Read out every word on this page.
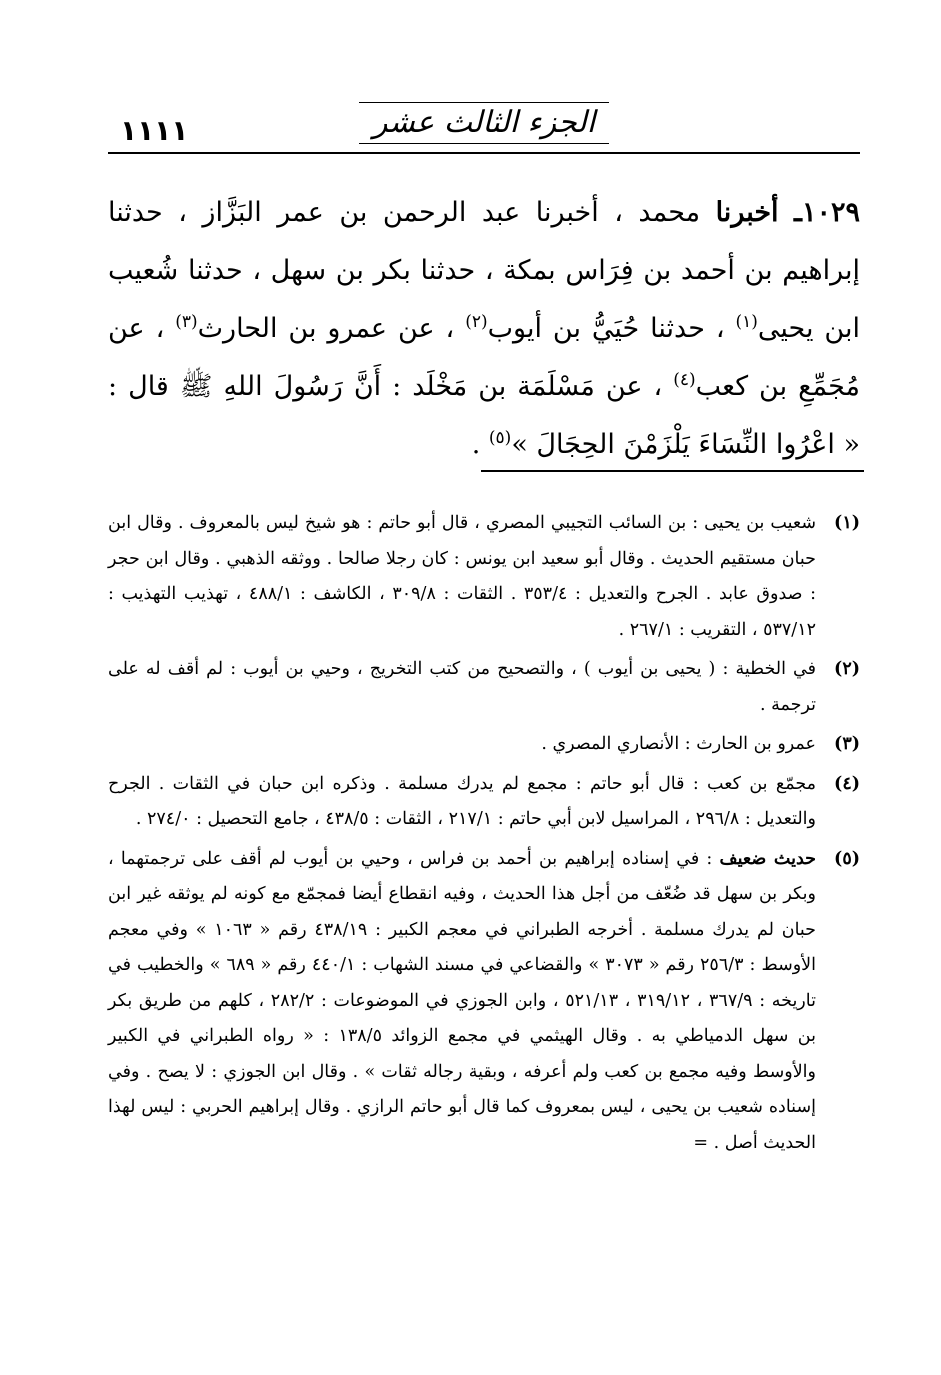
١١١١	الجزء الثالث عشر

١٠٢٩ـ أخبرنا محمد ، أخبرنا عبد الرحمن بن عمر البَزَّاز ، حدثنا إبراهيم بن أحمد بن فِرَاس بمكة ، حدثنا بكر بن سهل ، حدثنا شُعيب ابن يحيى$^{(١)}$ ، حدثنا حُيَيُّ بن أيوب$^{(٢)}$ ، عن عمرو بن الحارث$^{(٣)}$ ، عن مُجَمِّعِ بن كعب$^{(٤)}$ ، عن مَسْلَمَة بن مَخْلَد : أَنَّ رَسُولَ اللهِ ﷺ قال : « اعْرُوا النِّسَاءَ يَلْزَمْنَ الحِجَالَ »$^{(٥)}$ .

(١)
شعيب بن يحيى : بن السائب التجيبي المصري ، قال أبو حاتم : هو شيخ ليس بالمعروف . وقال ابن حبان مستقيم الحديث . وقال أبو سعيد ابن يونس : كان رجلا صالحا . ووثقه الذهبي . وقال ابن حجر : صدوق عابد . الجرح والتعديل : ٣٥٣/٤ . الثقات : ٣٠٩/٨ ، الكاشف : ٤٨٨/١ ، تهذيب التهذيب : ٥٣٧/١٢ ، التقريب : ٢٦٧/١ .
(٢)
في الخطية : ( يحيى بن أيوب ) ، والتصحيح من كتب التخريج ، وحيي بن أيوب : لم أقف له على ترجمة .
(٣)
عمرو بن الحارث : الأنصاري المصري .
(٤)
مجمّع بن كعب : قال أبو حاتم : مجمع لم يدرك مسلمة . وذكره ابن حبان في الثقات . الجرح والتعديل : ٢٩٦/٨ ، المراسيل لابن أبي حاتم : ٢١٧/١ ، الثقات : ٤٣٨/٥ ، جامع التحصيل : ٢٧٤/٠ .
(٥)
حديث ضعيف : في إسناده إبراهيم بن أحمد بن فراس ، وحيي بن أيوب لم أقف على ترجمتهما ، وبكر بن سهل قد ضُعّف من أجل هذا الحديث ، وفيه انقطاع أيضا فمجمّع مع كونه لم يوثقه غير ابن حبان لم يدرك مسلمة . أخرجه الطبراني في معجم الكبير : ٤٣٨/١٩ رقم « ١٠٦٣ » وفي معجم الأوسط : ٢٥٦/٣ رقم « ٣٠٧٣ » والقضاعي في مسند الشهاب : ٤٤٠/١ رقم « ٦٨٩ » والخطيب في تاريخه : ٣٦٧/٩ ، ٣١٩/١٢ ، ٥٢١/١٣ ، وابن الجوزي في الموضوعات : ٢٨٢/٢ ، كلهم من طريق بكر بن سهل الدمياطي به . وقال الهيثمي في مجمع الزوائد ١٣٨/٥ : « رواه الطبراني في الكبير والأوسط وفيه مجمع بن كعب ولم أعرفه ، وبقية رجاله ثقات » . وقال ابن الجوزي : لا يصح . وفي إسناده شعيب بن يحيى ، ليس بمعروف كما قال أبو حاتم الرازي . وقال إبراهيم الحربي : ليس لهذا الحديث أصل . =
